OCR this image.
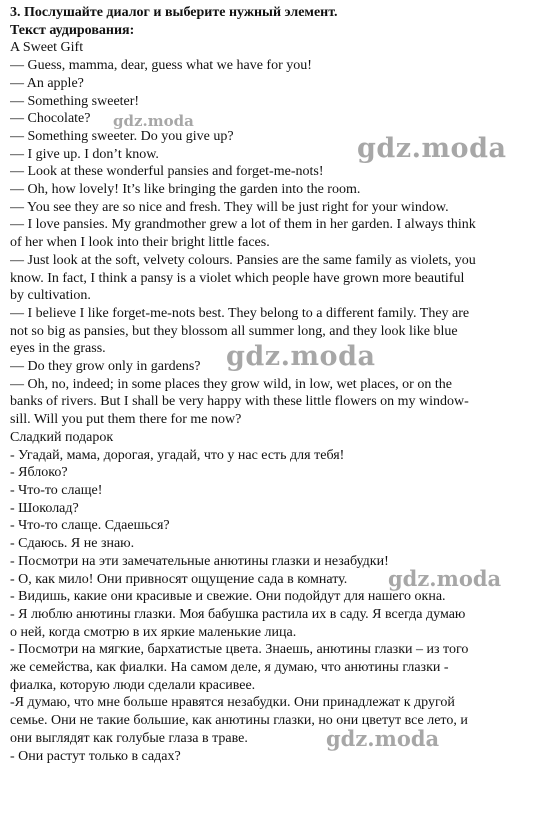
3. Послушайте диалог и выберите нужный элемент.
Текст аудирования:
A Sweet Gift
— Guess, mamma, dear, guess what we have for you!
— An apple?
— Something sweeter!
— Chocolate?
— Something sweeter. Do you give up?
— I give up. I don’t know.
— Look at these wonderful pansies and forget-me-nots!
— Oh, how lovely! It’s like bringing the garden into the room.
— You see they are so nice and fresh. They will be just right for your window.
— I love pansies. My grandmother grew a lot of them in her garden. I always think
of her when I look into their bright little faces.
— Just look at the soft, velvety colours. Pansies are the same family as violets, you
know. In fact, I think a pansy is a violet which people have grown more beautiful
by cultivation.
— I believe I like forget-me-nots best. They belong to a different family. They are
not so big as pansies, but they blossom all summer long, and they look like blue
eyes in the grass.
— Do they grow only in gardens?
— Oh, no, indeed; in some places they grow wild, in low, wet places, or on the
banks of rivers. But I shall be very happy with these little flowers on my window-
sill. Will you put them there for me now?
Сладкий подарок
- Угадай, мама, дорогая, угадай, что у нас есть для тебя!
- Яблоко?
- Что-то слаще!
- Шоколад?
- Что-то слаще. Сдаешься?
- Сдаюсь. Я не знаю.
- Посмотри на эти замечательные анютины глазки и незабудки!
- О, как мило! Они привносят ощущение сада в комнату.
- Видишь, какие они красивые и свежие. Они подойдут для нашего окна.
- Я люблю анютины глазки. Моя бабушка растила их в саду. Я всегда думаю
о ней, когда смотрю в их яркие маленькие лица.
- Посмотри на мягкие, бархатистые цвета. Знаешь, анютины глазки – из того
же семейства, как фиалки. На самом деле, я думаю, что анютины глазки -
фиалка, которую люди сделали красивее.
-Я думаю, что мне больше нравятся незабудки. Они принадлежат к другой
семье. Они не такие большие, как анютины глазки, но они цветут все лето, и
они выглядят как голубые глаза в траве.
- Они растут только в садах?
gdz.moda
gdz.moda
gdz.moda
gdz.moda
gdz.moda
